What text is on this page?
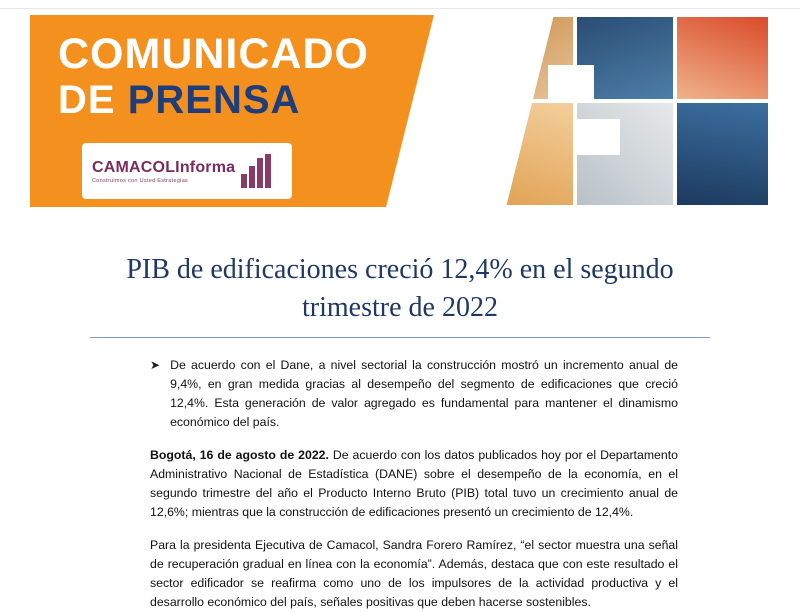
COMUNICADO
DE PRENSA
CAMACOLInforma
Construimos con Usted Estrategias
PIB de edificaciones creció 12,4% en el segundo trimestre de 2022
➤ De acuerdo con el Dane, a nivel sectorial la construcción mostró un incremento anual de 9,4%, en gran medida gracias al desempeño del segmento de edificaciones que creció 12,4%. Esta generación de valor agregado es fundamental para mantener el dinamismo económico del país.

Bogotá, 16 de agosto de 2022. De acuerdo con los datos publicados hoy por el Departamento Administrativo Nacional de Estadística (DANE) sobre el desempeño de la economía, en el segundo trimestre del año el Producto Interno Bruto (PIB) total tuvo un crecimiento anual de 12,6%; mientras que la construcción de edificaciones presentó un crecimiento de 12,4%.

Para la presidenta Ejecutiva de Camacol, Sandra Forero Ramírez, “el sector muestra una señal de recuperación gradual en línea con la economía”. Además, destaca que con este resultado el sector edificador se reafirma como uno de los impulsores de la actividad productiva y el desarrollo económico del país, señales positivas que deben hacerse sostenibles.
